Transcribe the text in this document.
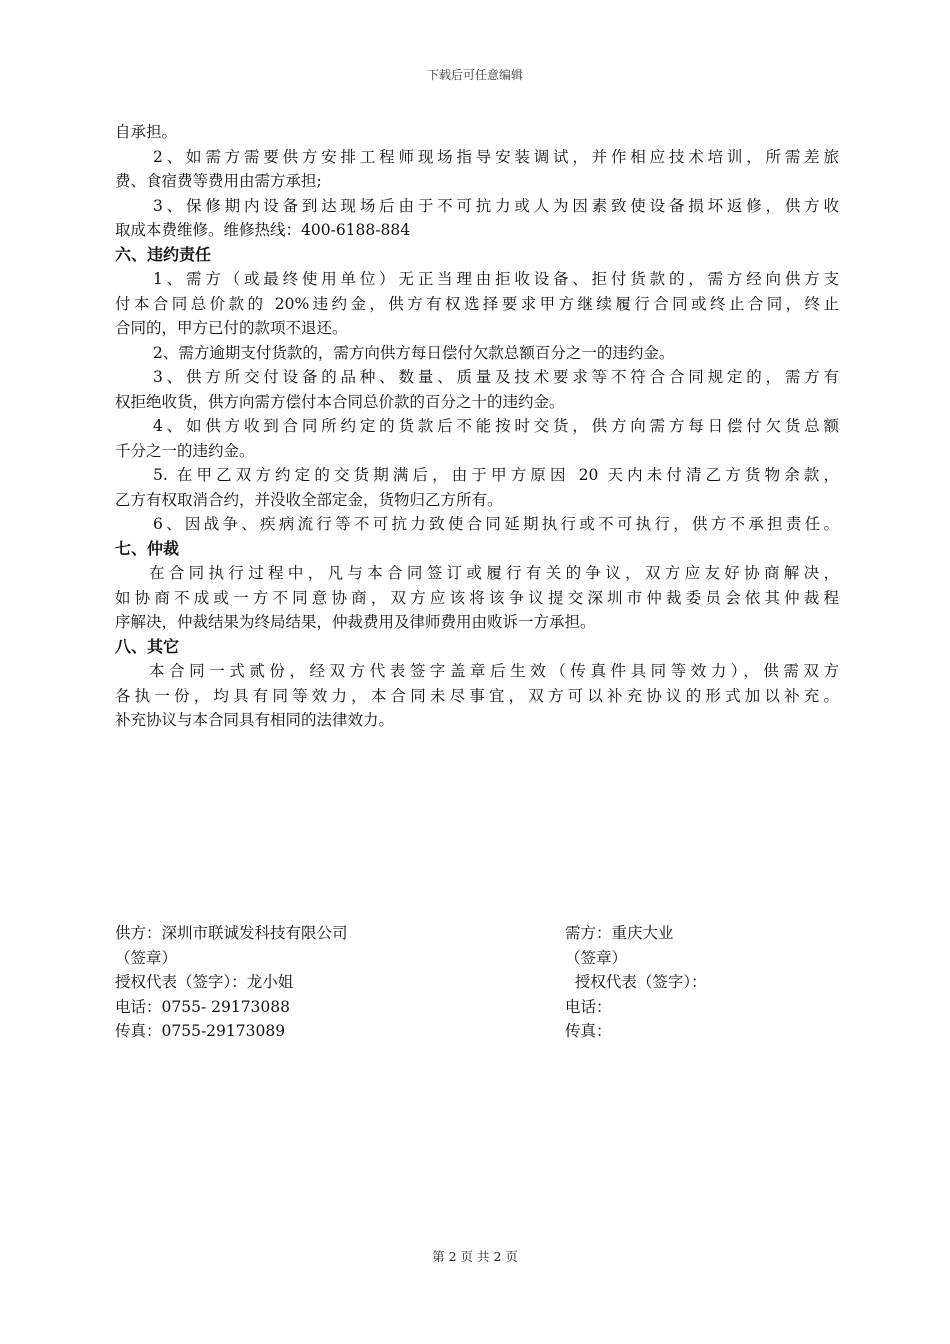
下载后可任意编辑
自承担。
2、如需方需要供方安排工程师现场指导安装调试，并作相应技术培训，所需差旅
费、食宿费等费用由需方承担;
3、保修期内设备到达现场后由于不可抗力或人为因素致使设备损坏返修，供方收
取成本费维修。维修热线：400-6188-884
六、违约责任
1、需方（或最终使用单位）无正当理由拒收设备、拒付货款的，需方经向供方支
付本合同总价款的 20%违约金，供方有权选择要求甲方继续履行合同或终止合同，终止
合同的，甲方已付的款项不退还。
2、需方逾期支付货款的，需方向供方每日偿付欠款总额百分之一的违约金。
3、供方所交付设备的品种、数量、质量及技术要求等不符合合同规定的，需方有
权拒绝收货，供方向需方偿付本合同总价款的百分之十的违约金。
4、如供方收到合同所约定的货款后不能按时交货，供方向需方每日偿付欠货总额
千分之一的违约金。
5. 在甲乙双方约定的交货期满后，由于甲方原因 20 天内未付清乙方货物余款，
乙方有权取消合约，并没收全部定金，货物归乙方所有。
6、因战争、疾病流行等不可抗力致使合同延期执行或不可执行，供方不承担责任。
七、仲裁
在合同执行过程中，凡与本合同签订或履行有关的争议，双方应友好协商解决，
如协商不成或一方不同意协商，双方应该将该争议提交深圳市仲裁委员会依其仲裁程
序解决，仲裁结果为终局结果，仲裁费用及律师费用由败诉一方承担。
八、其它
本合同一式贰份，经双方代表签字盖章后生效（传真件具同等效力），供需双方
各执一份，均具有同等效力，本合同未尽事宜，双方可以补充协议的形式加以补充。
补充协议与本合同具有相同的法律效力。
供方：深圳市联诚发科技有限公司
（签章）
授权代表（签字）：龙小姐
电话：0755- 29173088
传真：0755-29173089
需方：重庆大业
（签章）
授权代表（签字）：
电话：
传真：
第 2 页 共 2 页
